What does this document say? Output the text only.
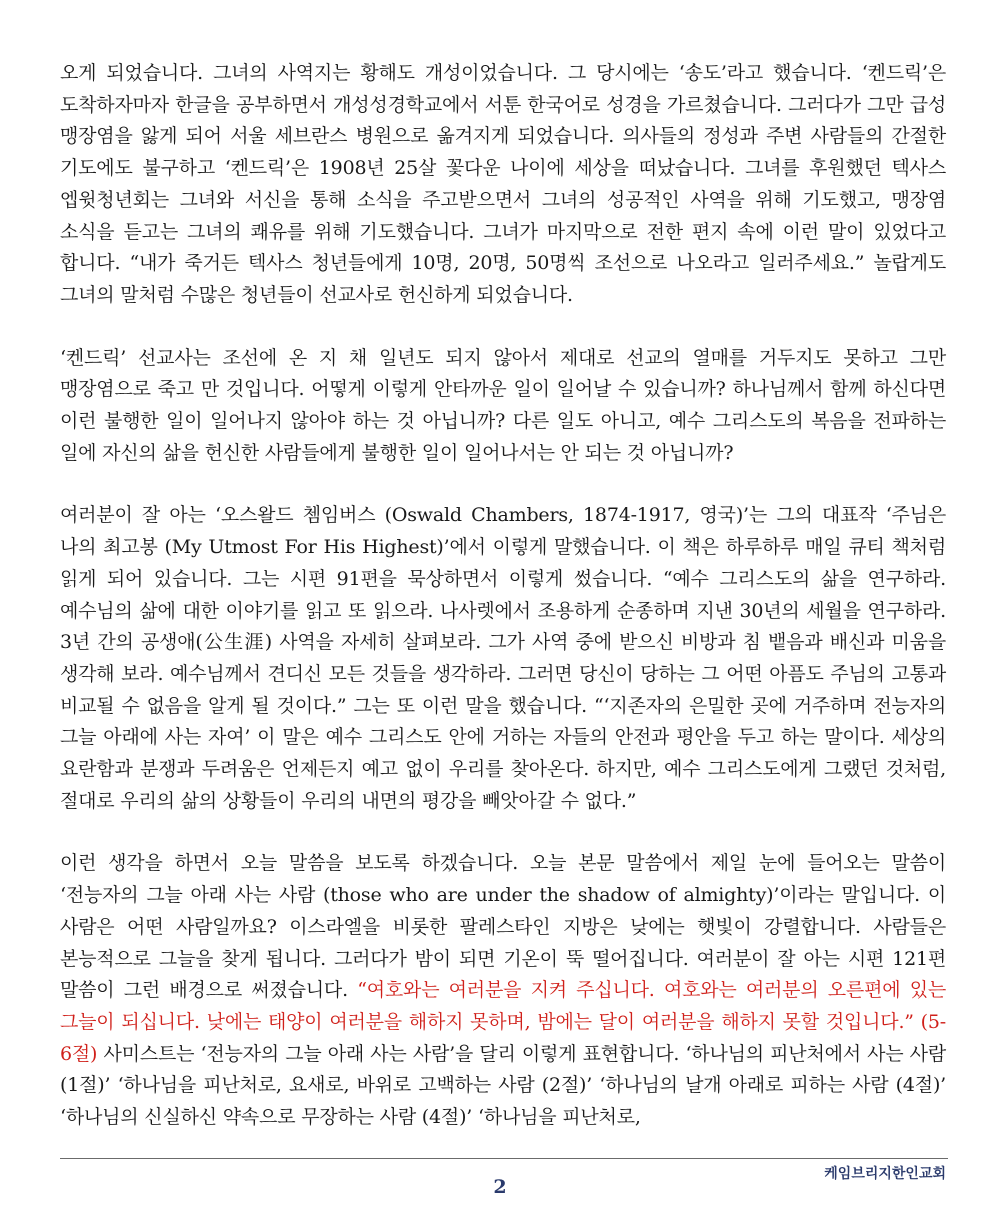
오게 되었습니다. 그녀의 사역지는 황해도 개성이었습니다. 그 당시에는 ‘송도’라고 했습니다. ‘켄드릭’은 도착하자마자 한글을 공부하면서 개성성경학교에서 서툰 한국어로 성경을 가르쳤습니다. 그러다가 그만 급성 맹장염을 앓게 되어 서울 세브란스 병원으로 옮겨지게 되었습니다. 의사들의 정성과 주변 사람들의 간절한 기도에도 불구하고 ‘켄드릭’은 1908년 25살 꽃다운 나이에 세상을 떠났습니다. 그녀를 후원했던 텍사스 엡윗청년회는 그녀와 서신을 통해 소식을 주고받으면서 그녀의 성공적인 사역을 위해 기도했고, 맹장염 소식을 듣고는 그녀의 쾌유를 위해 기도했습니다. 그녀가 마지막으로 전한 편지 속에 이런 말이 있었다고 합니다. “내가 죽거든 텍사스 청년들에게 10명, 20명, 50명씩 조선으로 나오라고 일러주세요.” 놀랍게도 그녀의 말처럼 수많은 청년들이 선교사로 헌신하게 되었습니다.

‘켄드릭’ 선교사는 조선에 온 지 채 일년도 되지 않아서 제대로 선교의 열매를 거두지도 못하고 그만 맹장염으로 죽고 만 것입니다. 어떻게 이렇게 안타까운 일이 일어날 수 있습니까? 하나님께서 함께 하신다면 이런 불행한 일이 일어나지 않아야 하는 것 아닙니까? 다른 일도 아니고, 예수 그리스도의 복음을 전파하는 일에 자신의 삶을 헌신한 사람들에게 불행한 일이 일어나서는 안 되는 것 아닙니까?

여러분이 잘 아는 ‘오스왈드 쳄임버스 (Oswald Chambers, 1874-1917, 영국)’는 그의 대표작 ‘주님은 나의 최고봉 (My Utmost For His Highest)’에서 이렇게 말했습니다. 이 책은 하루하루 매일 큐티 책처럼 읽게 되어 있습니다. 그는 시편 91편을 묵상하면서 이렇게 썼습니다. “예수 그리스도의 삶을 연구하라. 예수님의 삶에 대한 이야기를 읽고 또 읽으라. 나사렛에서 조용하게 순종하며 지낸 30년의 세월을 연구하라. 3년 간의 공생애(公生涯) 사역을 자세히 살펴보라. 그가 사역 중에 받으신 비방과 침 뱉음과 배신과 미움을 생각해 보라. 예수님께서 견디신 모든 것들을 생각하라. 그러면 당신이 당하는 그 어떤 아픔도 주님의 고통과 비교될 수 없음을 알게 될 것이다.” 그는 또 이런 말을 했습니다. “‘지존자의 은밀한 곳에 거주하며 전능자의 그늘 아래에 사는 자여’ 이 말은 예수 그리스도 안에 거하는 자들의 안전과 평안을 두고 하는 말이다. 세상의 요란함과 분쟁과 두려움은 언제든지 예고 없이 우리를 찾아온다. 하지만, 예수 그리스도에게 그랬던 것처럼, 절대로 우리의 삶의 상황들이 우리의 내면의 평강을 빼앗아갈 수 없다.”

이런 생각을 하면서 오늘 말씀을 보도록 하겠습니다. 오늘 본문 말씀에서 제일 눈에 들어오는 말씀이 ‘전능자의 그늘 아래 사는 사람 (those who are under the shadow of almighty)’이라는 말입니다. 이 사람은 어떤 사람일까요? 이스라엘을 비롯한 팔레스타인 지방은 낮에는 햇빛이 강렬합니다. 사람들은 본능적으로 그늘을 찾게 됩니다. 그러다가 밤이 되면 기온이 뚝 떨어집니다. 여러분이 잘 아는 시편 121편 말씀이 그런 배경으로 써졌습니다. “여호와는 여러분을 지켜 주십니다. 여호와는 여러분의 오른편에 있는 그늘이 되십니다. 낮에는 태양이 여러분을 해하지 못하며, 밤에는 달이 여러분을 해하지 못할 것입니다.” (5-6절) 사미스트는 ‘전능자의 그늘 아래 사는 사람’을 달리 이렇게 표현합니다. ‘하나님의 피난처에서 사는 사람 (1절)’ ‘하나님을 피난처로, 요새로, 바위로 고백하는 사람 (2절)’ ‘하나님의 날개 아래로 피하는 사람 (4절)’ ‘하나님의 신실하신 약속으로 무장하는 사람 (4절)’ ‘하나님을 피난처로,

케임브리지한인교회
2
